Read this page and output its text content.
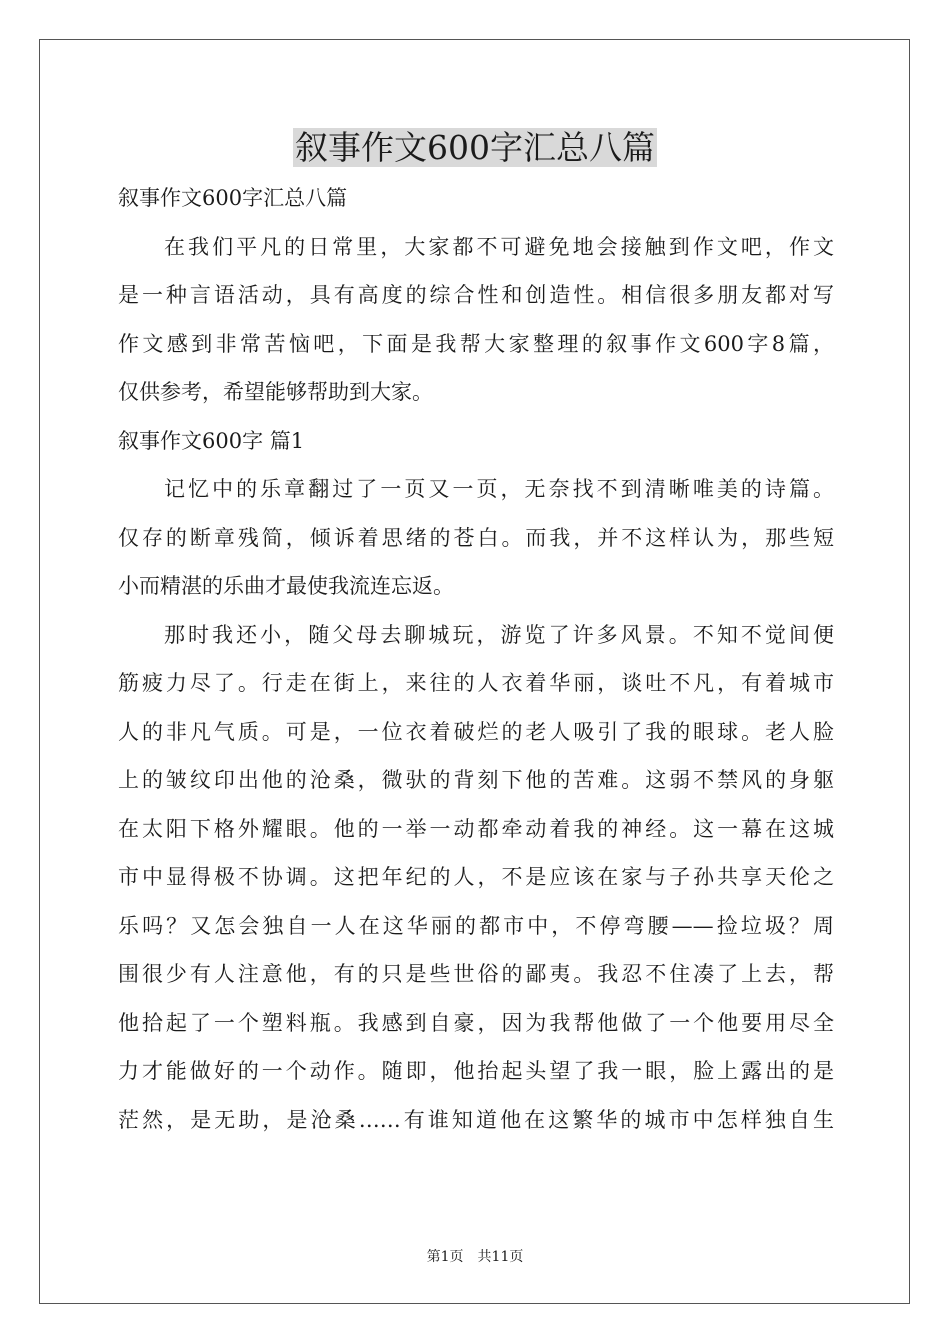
叙事作文600字汇总八篇
叙事作文600字汇总八篇
在我们平凡的日常里，大家都不可避免地会接触到作文吧，作文
是一种言语活动，具有高度的综合性和创造性。相信很多朋友都对写
作文感到非常苦恼吧，下面是我帮大家整理的叙事作文600字8篇，
仅供参考，希望能够帮助到大家。
叙事作文600字 篇1
记忆中的乐章翻过了一页又一页，无奈找不到清晰唯美的诗篇。
仅存的断章残简，倾诉着思绪的苍白。而我，并不这样认为，那些短
小而精湛的乐曲才最使我流连忘返。
那时我还小，随父母去聊城玩，游览了许多风景。不知不觉间便
筋疲力尽了。行走在街上，来往的人衣着华丽，谈吐不凡，有着城市
人的非凡气质。可是，一位衣着破烂的老人吸引了我的眼球。老人脸
上的皱纹印出他的沧桑，微驮的背刻下他的苦难。这弱不禁风的身躯
在太阳下格外耀眼。他的一举一动都牵动着我的神经。这一幕在这城
市中显得极不协调。这把年纪的人，不是应该在家与子孙共享天伦之
乐吗？又怎会独自一人在这华丽的都市中，不停弯腰——捡垃圾？周
围很少有人注意他，有的只是些世俗的鄙夷。我忍不住凑了上去，帮
他拾起了一个塑料瓶。我感到自豪，因为我帮他做了一个他要用尽全
力才能做好的一个动作。随即，他抬起头望了我一眼，脸上露出的是
茫然，是无助，是沧桑……有谁知道他在这繁华的城市中怎样独自生
第1页 共11页
